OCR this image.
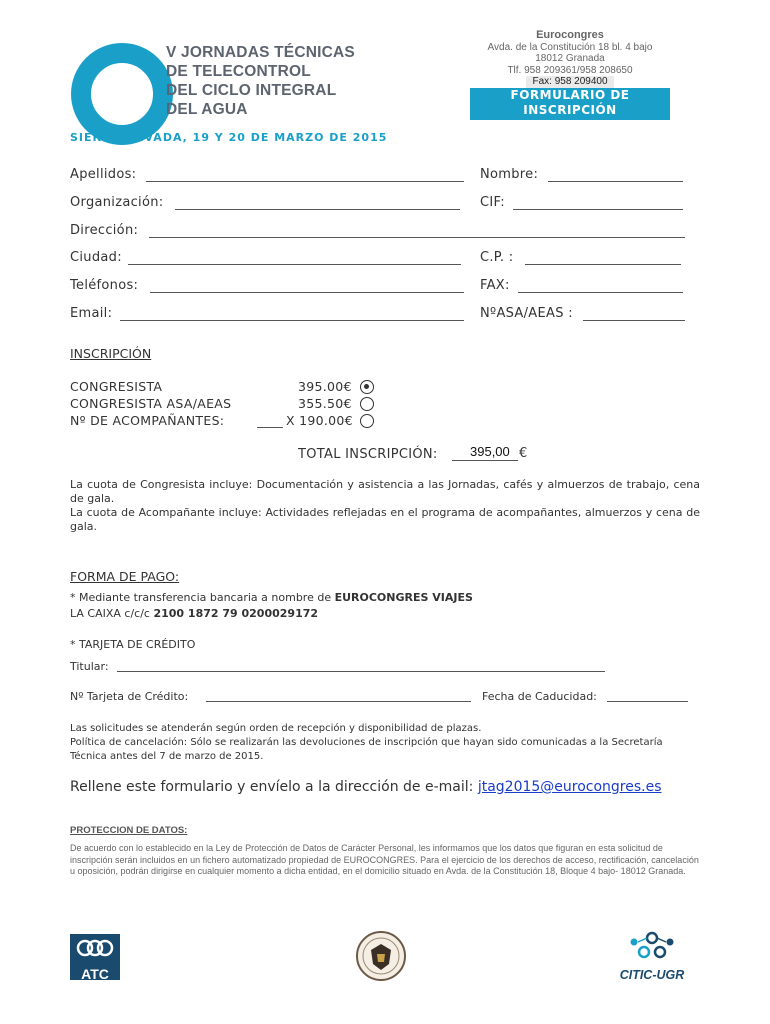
V JORNADAS TÉCNICAS
DE TELECONTROL
DEL CICLO INTEGRAL
DEL AGUA
SIERRA NEVADA, 19 Y 20 DE MARZO DE 2015
Eurocongres
Avda. de la Constitución 18 bl. 4 bajo
18012 Granada
Tlf. 958 209361/958 208650
Fax: 958 209400
FORMULARIO DE
INSCRIPCIÓN
Apellidos:	Nombre:
Organización:	CIF:
Dirección:
Ciudad:	C.P. :
Teléfonos:	FAX:
Email:	NºASA/AEAS :
INSCRIPCIÓN
CONGRESISTA	395.00€
CONGRESISTA ASA/AEAS	355.50€
Nº DE ACOMPAÑANTES:	X 190.00€
TOTAL INSCRIPCIÓN: 395,00 €
La cuota de Congresista incluye: Documentación y asistencia a las Jornadas, cafés y almuerzos de trabajo, cena de gala.
La cuota de Acompañante incluye: Actividades reflejadas en el programa de acompañantes, almuerzos y cena de gala.
FORMA DE PAGO:
* Mediante transferencia bancaria a nombre de EUROCONGRES VIAJES
LA CAIXA c/c/c 2100 1872 79 0200029172
* TARJETA DE CRÉDITO
Titular:
Nº Tarjeta de Crédito:	Fecha de Caducidad:
Las solicitudes se atenderán según orden de recepción y disponibilidad de plazas.
Política de cancelación: Sólo se realizarán las devoluciones de inscripción que hayan sido comunicadas a la Secretaría Técnica antes del 7 de marzo de 2015.
Rellene este formulario y envíelo a la dirección de e-mail: jtag2015@eurocongres.es
PROTECCION DE DATOS:
De acuerdo con lo establecido en la Ley de Protección de Datos de Carácter Personal, les informamos que los datos que figuran en esta solicitud de inscripción serán incluidos en un fichero automatizado propiedad de EUROCONGRES. Para el ejercicio de los derechos de acceso, rectificación, cancelación u oposición, podrán dirigirse en cualquier momento a dicha entidad, en el domicilio situado en Avda. de la Constitución 18, Bloque 4 bajo- 18012 Granada.
ATC	CITIC-UGR
